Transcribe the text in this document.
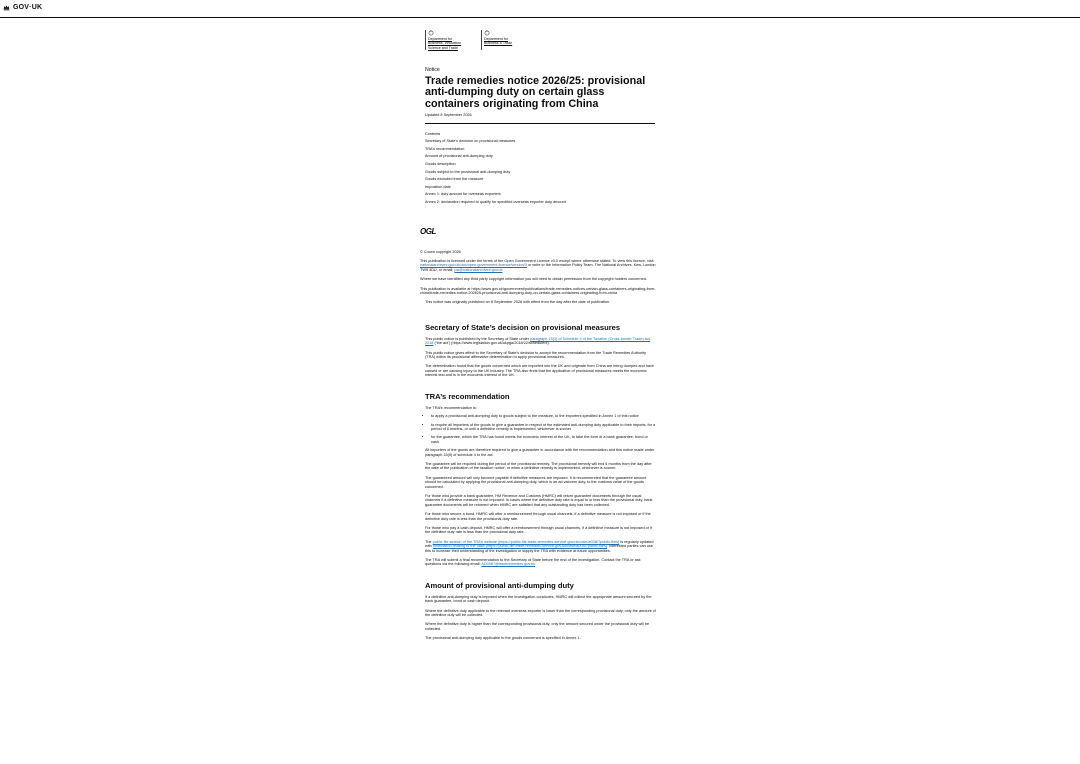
GOV·UK
Department for
Business, Innovation
Science and Trade
Department for
Business & Trade
Notice
Trade remedies notice 2026/25: provisional anti-dumping duty on certain glass containers originating from China
Updated 8 September 2026
Contents
Secretary of State’s decision on provisional measures
TRA’s recommendation
Amount of provisional anti-dumping duty
Goods description
Goods subject to the provisional anti-dumping duty
Goods excluded from the measure
Imposition date
Annex 1: duty amount for overseas exporters
Annex 2: declaration required to qualify for specified overseas exporter duty amount
OGL
© Crown copyright 2026
This publication is licensed under the terms of the Open Government Licence v3.0 except where otherwise stated. To view this licence, visit nationalarchives.gov.uk/doc/open-government-licence/version/3 or write to the Information Policy Team, The National Archives, Kew, London TW9 4DU, or email: psi@nationalarchives.gov.uk
Where we have identified any third party copyright information you will need to obtain permission from the copyright holders concerned.
This publication is available at https://www.gov.uk/government/publications/trade-remedies-notices-certain-glass-containers-originating-from-china/trade-remedies-notice-202625-provisional-anti-dumping-duty-on-certain-glass-containers-originating-from-china
This notice was originally published on 8 September 2026 with effect from the day after the date of publication.
Secretary of State’s decision on provisional measures
This public notice is published by the Secretary of State under paragraph 15(3) of Schedule 4 of the Taxation (Cross-border Trade) Act 2018 (‘the act’) (https://www.legislation.gov.uk/ukpga/2018/22/schedule/4).
This public notice gives effect to the Secretary of State’s decision to accept the recommendation from the Trade Remedies Authority (TRA) within its provisional affirmative determination to apply provisional measures.
The determination found that the goods concerned which are imported into the UK and originate from China are being dumped and have caused or are causing injury to the UK industry. The TRA also finds that the application of provisional measures meets the economic interest test and is in the economic interest of the UK.
TRA’s recommendation
The TRA’s recommendation is:
• to apply a provisional anti-dumping duty to goods subject to the measure, to the exporters specified in Annex 1 of this notice
• to require all importers of the goods to give a guarantee in respect of the estimated anti-dumping duty applicable to their imports, for a period of 6 months, or until a definitive remedy is implemented, whichever is sooner
• for the guarantee, which the TRA has found meets the economic interest of the UK, to take the form of a bank guarantee, bond or cash
All importers of the goods are therefore required to give a guarantee in accordance with the recommendation and this notice made under paragraph 15(5) of schedule 4 to the act.
The guarantee will be required during the period of the provisional remedy. The provisional remedy will end 6 months from the day after the date of the publication of the taxation notice, or when a definitive remedy is implemented, whichever is sooner.
The guaranteed amount will only become payable if definitive measures are imposed. It is recommended that the guarantee amount should be calculated by applying the provisional anti-dumping duty, which is an ad valorem duty, to the customs value of the goods concerned.
For those who provide a bank guarantee, HM Revenue and Customs (HMRC) will return guarantee documents through the usual channels if a definitive measure is not imposed. In cases where the definitive duty rate is equal to or less than the provisional duty, bank guarantee documents will be returned when HMRC are satisfied that any outstanding duty has been collected.
For those who secure a bond, HMRC will offer a reimbursement through usual channels, if a definitive measure is not imposed or if the definitive duty rate is less than the provisional duty rate.
For those who pay a cash deposit, HMRC will offer a reimbursement through usual channels, if a definitive measure is not imposed or if the definitive duty rate is less than the provisional duty rate.
The public file section of the TRA’s website (https://public-file.trade-remedies.service.gov.uk/case/a008/?public-files) is regularly updated with information relating to the case (https://public-file.trade-remedies.service.gov.uk/case/a008/?public-files). Interested parties can use this to increase their understanding of the investigation or supply the TRA with evidence at future opportunities.
The TRA will submit a final recommendation to the Secretary of State before the end of the investigation. Contact the TRA or ask questions via the following email: AD0087@traderemedies.gov.uk
Amount of provisional anti-dumping duty
If a definitive anti-dumping duty is imposed when the investigation concludes, HMRC will collect the appropriate amount secured by the bank guarantee, bond or cash deposit.
Where the definitive duty applicable to the relevant overseas exporter is lower than the corresponding provisional duty, only the amount of the definitive duty will be collected.
Where the definitive duty is higher than the corresponding provisional duty, only the amount secured under the provisional duty will be collected.
The provisional anti-dumping duty applicable to the goods concerned is specified in Annex 1.
